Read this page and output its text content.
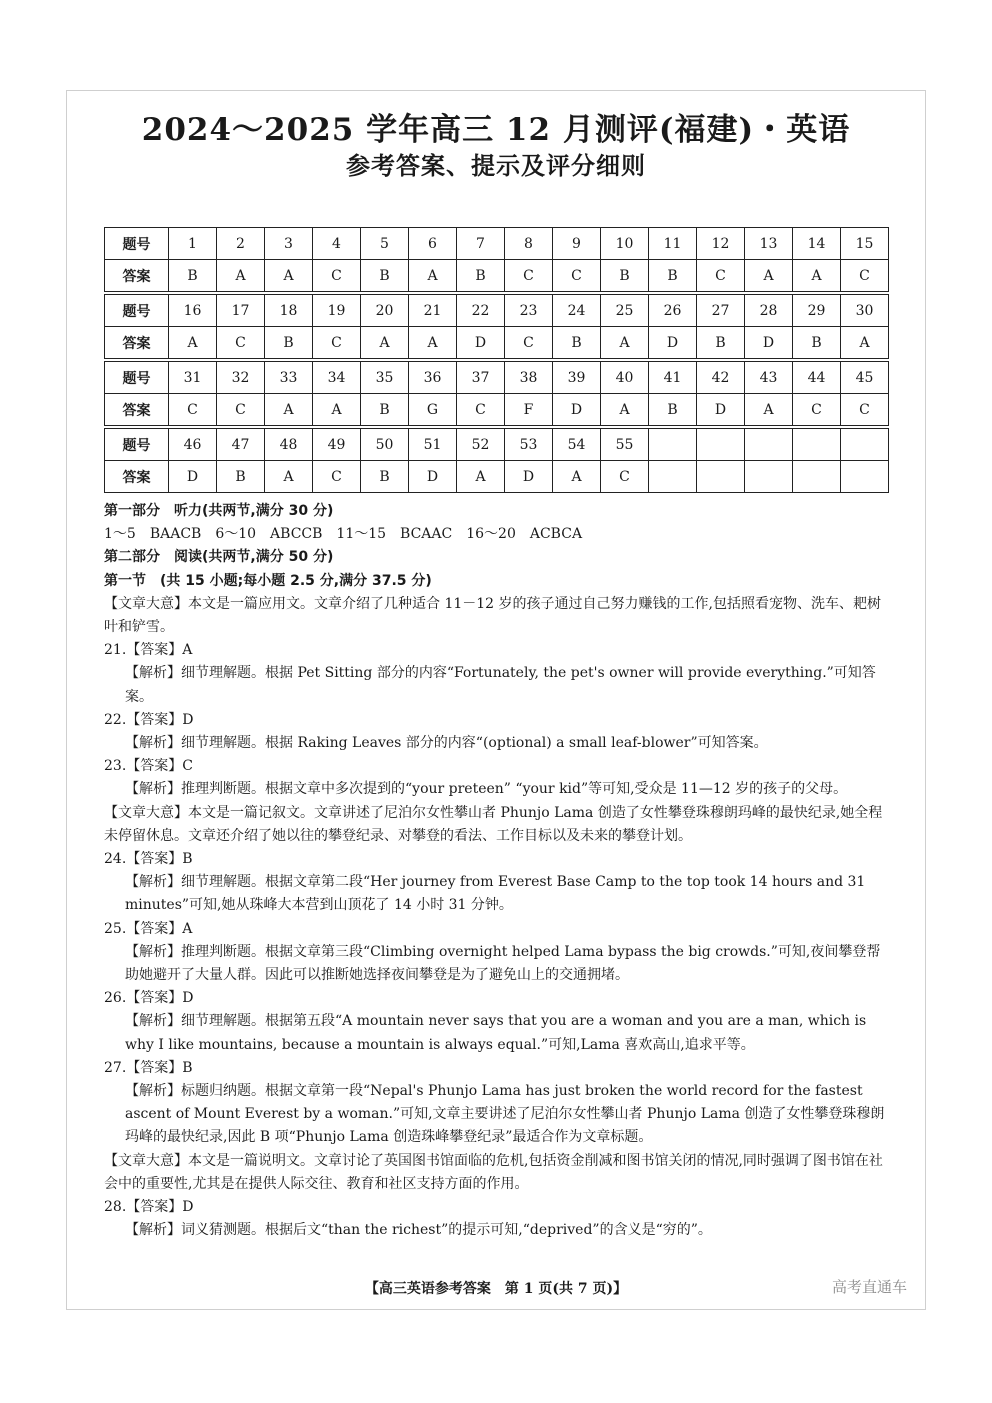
2024～2025 学年高三 12 月测评(福建)・英语
参考答案、提示及评分细则
题号	1	2	3	4	5	6	7	8	9	10	11	12	13	14	15
答案	B	A	A	C	B	A	B	C	C	B	B	C	A	A	C

题号	16	17	18	19	20	21	22	23	24	25	26	27	28	29	30
答案	A	C	B	C	A	A	D	C	B	A	D	B	D	B	A

题号	31	32	33	34	35	36	37	38	39	40	41	42	43	44	45
答案	C	C	A	A	B	G	C	F	D	A	B	D	A	C	C

题号	46	47	48	49	50	51	52	53	54	55					
答案	D	B	A	C	B	D	A	D	A	C					
第一部分　听力(共两节,满分 30 分)
1～5　BAACB　6～10　ABCCB　11～15　BCAAC　16～20　ACBCA
第二部分　阅读(共两节,满分 50 分)
第一节　(共 15 小题;每小题 2.5 分,满分 37.5 分)
【文章大意】本文是一篇应用文。文章介绍了几种适合 11－12 岁的孩子通过自己努力赚钱的工作,包括照看宠物、洗车、耙树叶和铲雪。
21.【答案】A
【解析】细节理解题。根据 Pet Sitting 部分的内容“Fortunately, the pet's owner will provide everything.”可知答案。
22.【答案】D
【解析】细节理解题。根据 Raking Leaves 部分的内容“(optional) a small leaf-blower”可知答案。
23.【答案】C
【解析】推理判断题。根据文章中多次提到的“your preteen” “your kid”等可知,受众是 11—12 岁的孩子的父母。
【文章大意】本文是一篇记叙文。文章讲述了尼泊尔女性攀山者 Phunjo Lama 创造了女性攀登珠穆朗玛峰的最快纪录,她全程未停留休息。文章还介绍了她以往的攀登纪录、对攀登的看法、工作目标以及未来的攀登计划。
24.【答案】B
【解析】细节理解题。根据文章第二段“Her journey from Everest Base Camp to the top took 14 hours and 31 minutes”可知,她从珠峰大本营到山顶花了 14 小时 31 分钟。
25.【答案】A
【解析】推理判断题。根据文章第三段“Climbing overnight helped Lama bypass the big crowds.”可知,夜间攀登帮助她避开了大量人群。因此可以推断她选择夜间攀登是为了避免山上的交通拥堵。
26.【答案】D
【解析】细节理解题。根据第五段“A mountain never says that you are a woman and you are a man, which is why I like mountains, because a mountain is always equal.”可知,Lama 喜欢高山,追求平等。
27.【答案】B
【解析】标题归纳题。根据文章第一段“Nepal's Phunjo Lama has just broken the world record for the fastest ascent of Mount Everest by a woman.”可知,文章主要讲述了尼泊尔女性攀山者 Phunjo Lama 创造了女性攀登珠穆朗玛峰的最快纪录,因此 B 项“Phunjo Lama 创造珠峰攀登纪录”最适合作为文章标题。
【文章大意】本文是一篇说明文。文章讨论了英国图书馆面临的危机,包括资金削减和图书馆关闭的情况,同时强调了图书馆在社会中的重要性,尤其是在提供人际交往、教育和社区支持方面的作用。
28.【答案】D
【解析】词义猜测题。根据后文“than the richest”的提示可知,“deprived”的含义是“穷的”。
【高三英语参考答案　第 1 页(共 7 页)】	高考直通车
